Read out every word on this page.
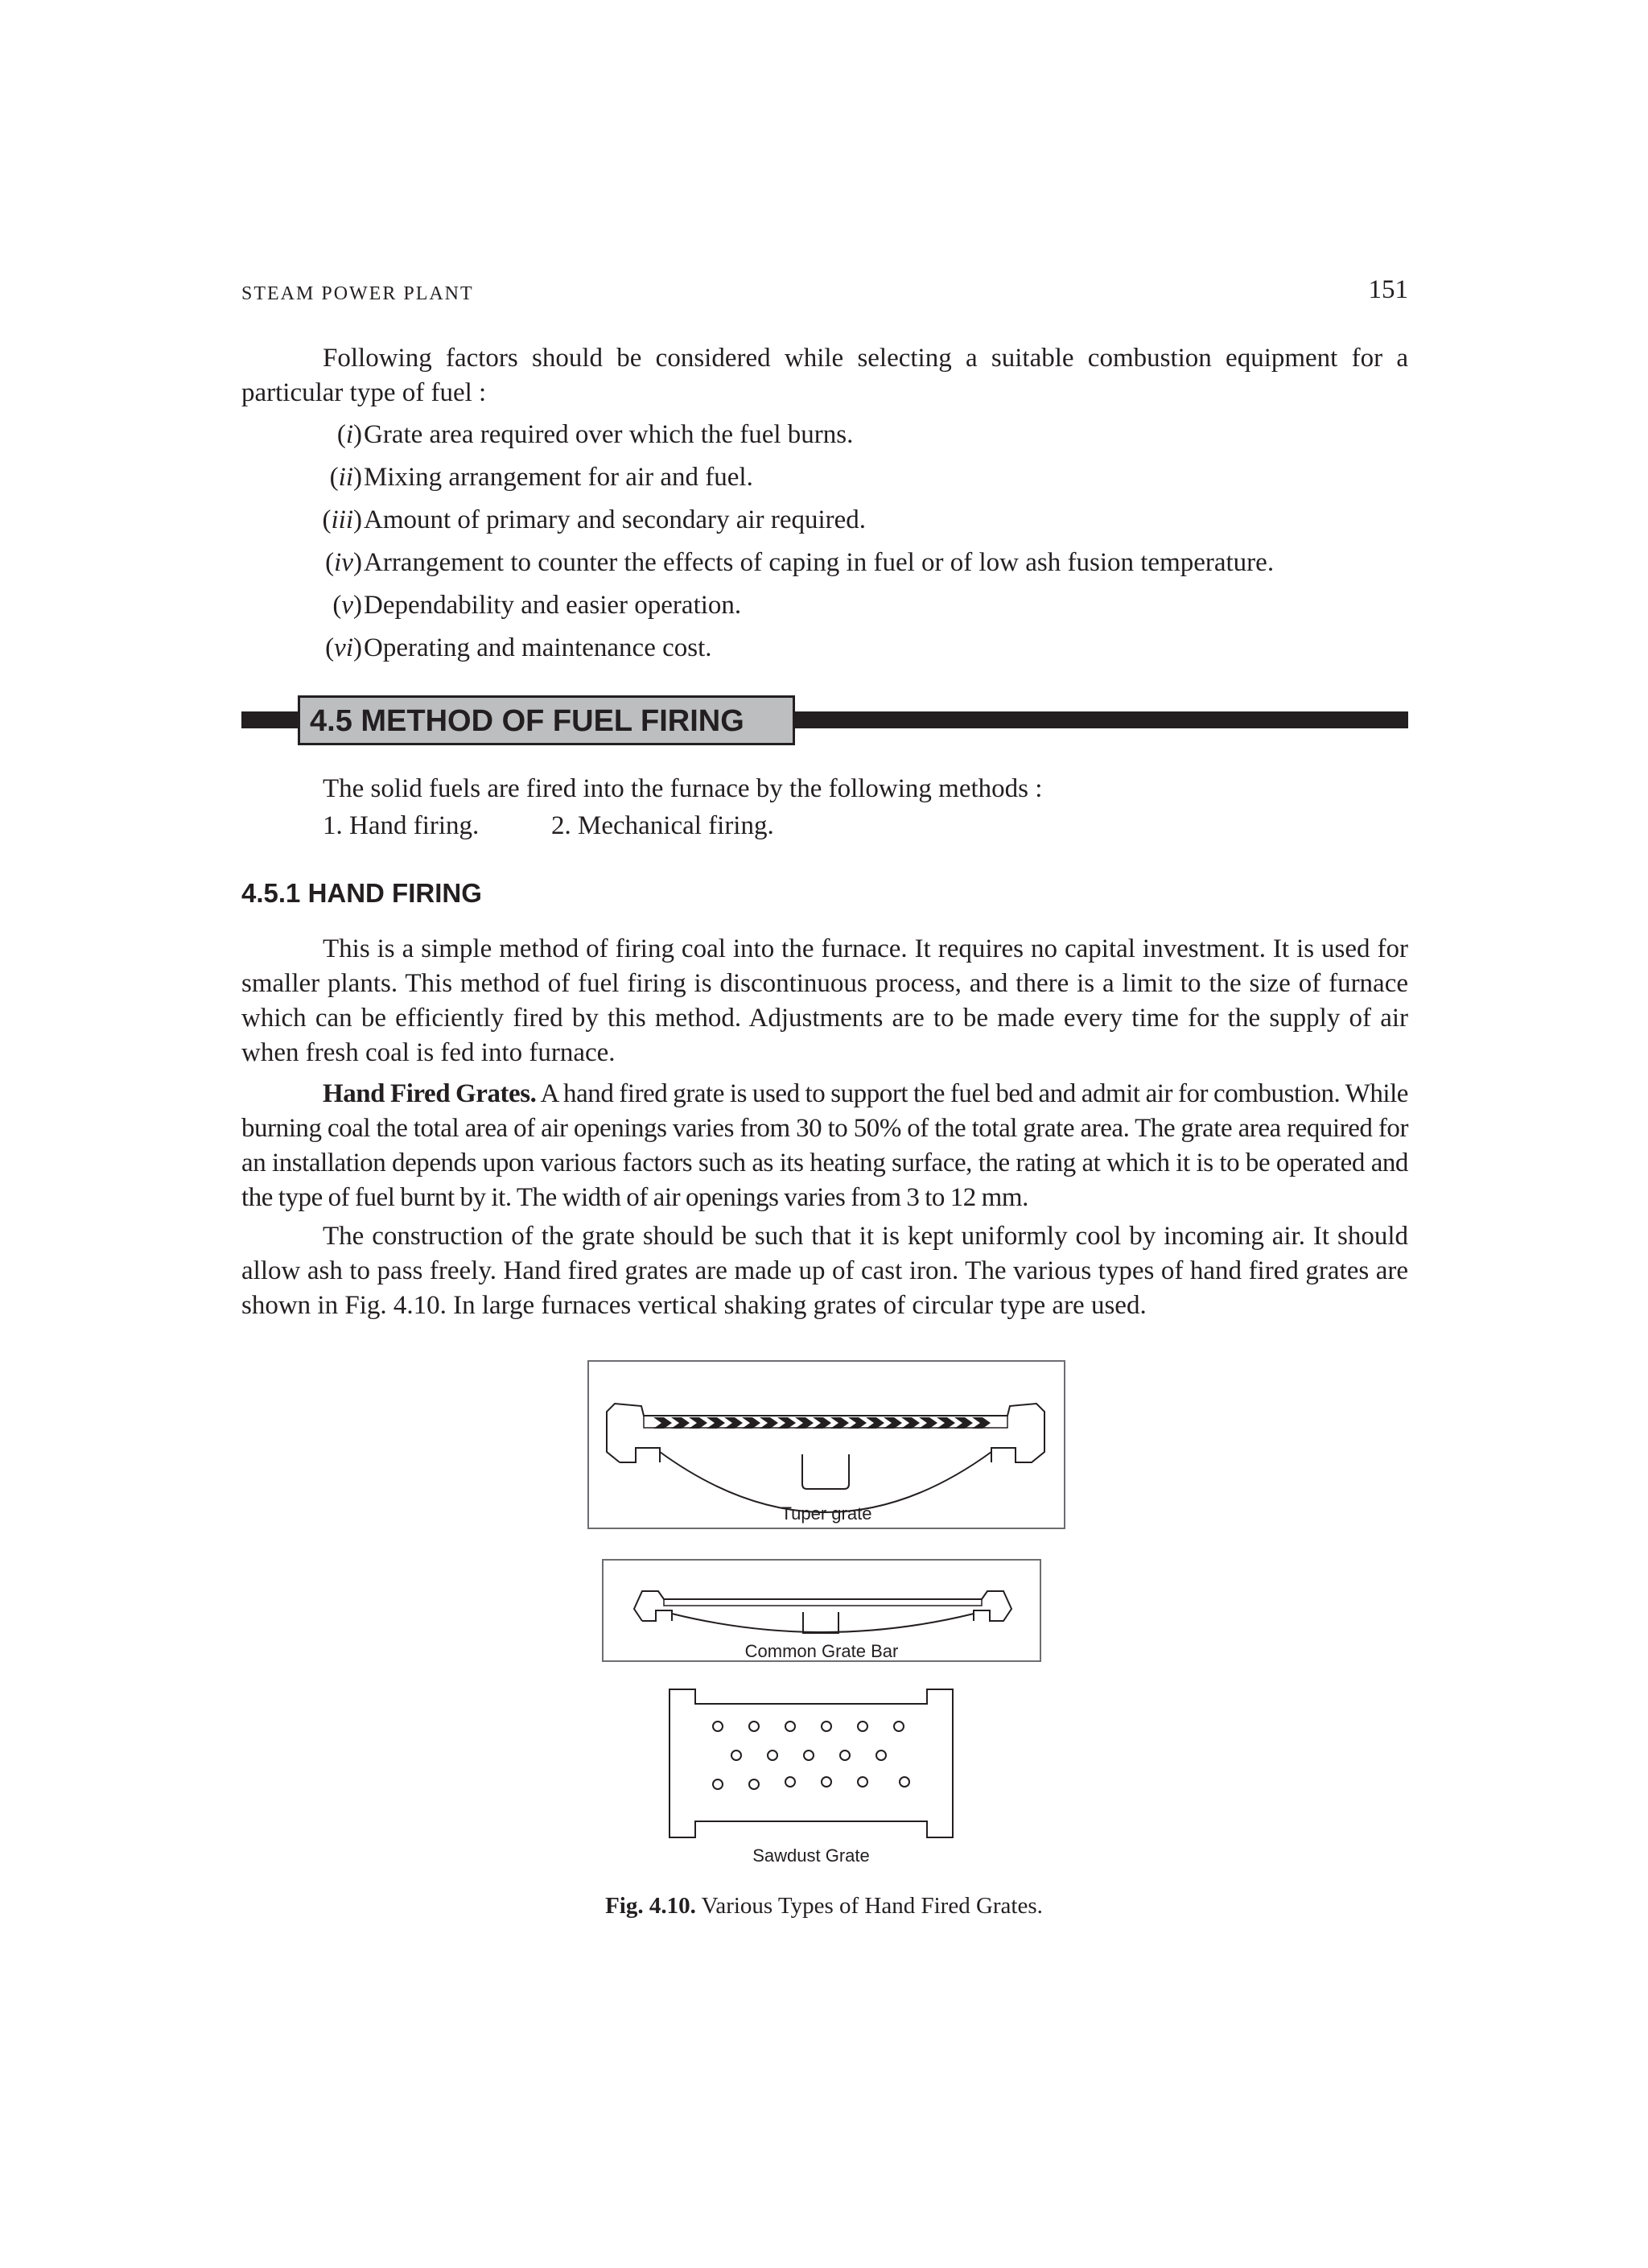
STEAM POWER PLANT	151

Following factors should be considered while selecting a suitable combustion equipment for a particular type of fuel :

(i) Grate area required over which the fuel burns.
(ii) Mixing arrangement for air and fuel.
(iii) Amount of primary and secondary air required.
(iv) Arrangement to counter the effects of caping in fuel or of low ash fusion temperature.
(v) Dependability and easier operation.
(vi) Operating and maintenance cost.
4.5 METHOD OF FUEL FIRING

The solid fuels are fired into the furnace by the following methods :

1. Hand firing.	2. Mechanical firing.
4.5.1 HAND FIRING

This is a simple method of firing coal into the furnace. It requires no capital investment. It is used for smaller plants. This method of fuel firing is discontinuous process, and there is a limit to the size of furnace which can be efficiently fired by this method. Adjustments are to be made every time for the supply of air when fresh coal is fed into furnace.

Hand Fired Grates. A hand fired grate is used to support the fuel bed and admit air for combustion. While burning coal the total area of air openings varies from 30 to 50% of the total grate area. The grate area required for an installation depends upon various factors such as its heating surface, the rating at which it is to be operated and the type of fuel burnt by it. The width of air openings varies from 3 to 12 mm.

The construction of the grate should be such that it is kept uniformly cool by incoming air. It should allow ash to pass freely. Hand fired grates are made up of cast iron. The various types of hand fired grates are shown in Fig. 4.10. In large furnaces vertical shaking grates of circular type are used.

Tuper grate
Common Grate Bar
Sawdust Grate
Fig. 4.10. Various Types of Hand Fired Grates.
